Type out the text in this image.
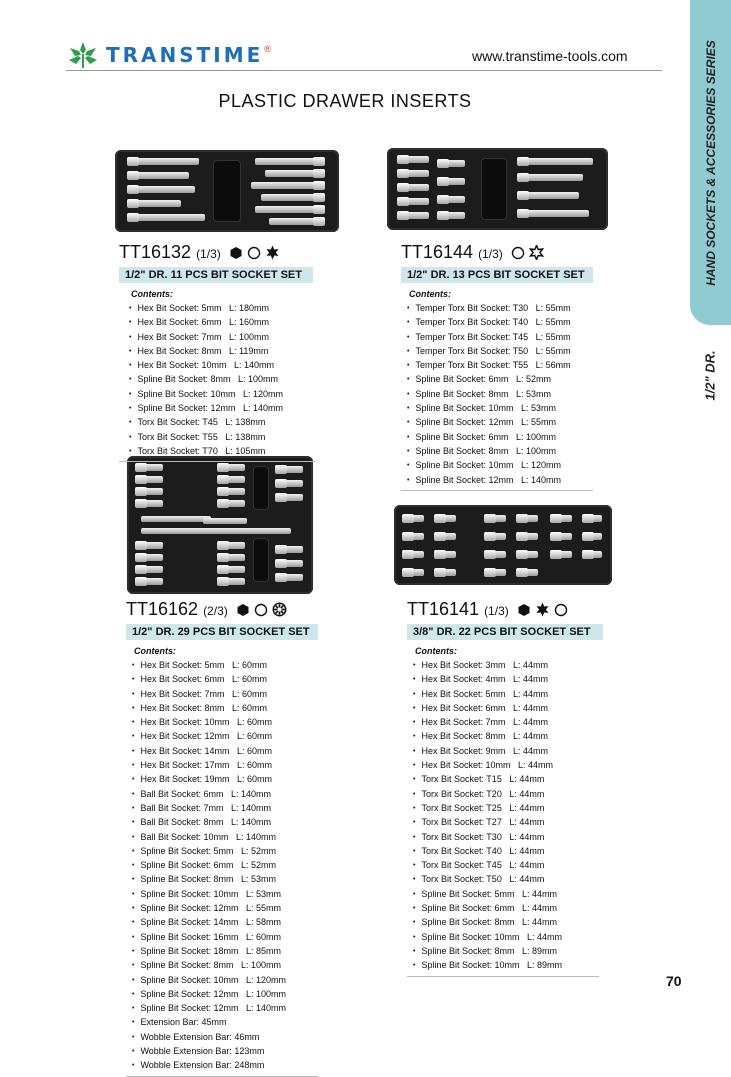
TRANSTIME ®	www.transtime-tools.com
PLASTIC DRAWER INSERTS	HAND SOCKETS & ACCESSORIES SERIES
1/2" DR.
70
TT16132 (1/3)
1/2" DR. 11 PCS BIT SOCKET SET
Contents:
• Hex Bit Socket: 5mm   L: 180mm
• Hex Bit Socket: 6mm   L: 160mm
• Hex Bit Socket: 7mm   L: 100mm
• Hex Bit Socket: 8mm   L: 119mm
• Hex Bit Socket: 10mm   L: 140mm
• Spline Bit Socket: 8mm   L: 100mm
• Spline Bit Socket: 10mm   L: 120mm
• Spline Bit Socket: 12mm   L: 140mm
• Torx Bit Socket: T45   L: 138mm
• Torx Bit Socket: T55   L: 138mm
• Torx Bit Socket: T70   L: 105mm
TT16144 (1/3)
1/2" DR. 13 PCS BIT SOCKET SET
Contents:
• Temper Torx Bit Socket: T30   L: 55mm
• Temper Torx Bit Socket: T40   L: 55mm
• Temper Torx Bit Socket: T45   L: 55mm
• Temper Torx Bit Socket: T50   L: 55mm
• Temper Torx Bit Socket: T55   L: 56mm
• Spline Bit Socket: 6mm   L: 52mm
• Spline Bit Socket: 8mm   L: 53mm
• Spline Bit Socket: 10mm   L: 53mm
• Spline Bit Socket: 12mm   L: 55mm
• Spline Bit Socket: 6mm   L: 100mm
• Spline Bit Socket: 8mm   L: 100mm
• Spline Bit Socket: 10mm   L: 120mm
• Spline Bit Socket: 12mm   L: 140mm
TT16162 (2/3)
1/2" DR. 29 PCS BIT SOCKET SET
Contents:
• Hex Bit Socket: 5mm   L: 60mm
• Hex Bit Socket: 6mm   L: 60mm
• Hex Bit Socket: 7mm   L: 60mm
• Hex Bit Socket: 8mm   L: 60mm
• Hex Bit Socket: 10mm   L: 60mm
• Hex Bit Socket: 12mm   L: 60mm
• Hex Bit Socket: 14mm   L: 60mm
• Hex Bit Socket: 17mm   L: 60mm
• Hex Bit Socket: 19mm   L: 60mm
• Ball Bit Socket: 6mm   L: 140mm
• Ball Bit Socket: 7mm   L: 140mm
• Ball Bit Socket: 8mm   L: 140mm
• Ball Bit Socket: 10mm   L: 140mm
• Spline Bit Socket: 5mm   L: 52mm
• Spline Bit Socket: 6mm   L: 52mm
• Spline Bit Socket: 8mm   L: 53mm
• Spline Bit Socket: 10mm   L: 53mm
• Spline Bit Socket: 12mm   L: 55mm
• Spline Bit Socket: 14mm   L: 58mm
• Spline Bit Socket: 16mm   L: 60mm
• Spline Bit Socket: 18mm   L: 85mm
• Spline Bit Socket: 8mm   L: 100mm
• Spline Bit Socket: 10mm   L: 120mm
• Spline Bit Socket: 12mm   L: 100mm
• Spline Bit Socket: 12mm   L: 140mm
• Extension Bar: 45mm
• Wobble Extension Bar: 46mm
• Wobble Extension Bar: 123mm
• Wobble Extension Bar: 248mm
TT16141 (1/3)
3/8" DR. 22 PCS BIT SOCKET SET
Contents:
• Hex Bit Socket: 3mm   L: 44mm
• Hex Bit Socket: 4mm   L: 44mm
• Hex Bit Socket: 5mm   L: 44mm
• Hex Bit Socket: 6mm   L: 44mm
• Hex Bit Socket: 7mm   L: 44mm
• Hex Bit Socket: 8mm   L: 44mm
• Hex Bit Socket: 9mm   L: 44mm
• Hex Bit Socket: 10mm   L: 44mm
• Torx Bit Socket: T15   L: 44mm
• Torx Bit Socket: T20   L: 44mm
• Torx Bit Socket: T25   L: 44mm
• Torx Bit Socket: T27   L: 44mm
• Torx Bit Socket: T30   L: 44mm
• Torx Bit Socket: T40   L: 44mm
• Torx Bit Socket: T45   L: 44mm
• Torx Bit Socket: T50   L: 44mm
• Spline Bit Socket: 5mm   L: 44mm
• Spline Bit Socket: 6mm   L: 44mm
• Spline Bit Socket: 8mm   L: 44mm
• Spline Bit Socket: 10mm   L: 44mm
• Spline Bit Socket: 8mm   L: 89mm
• Spline Bit Socket: 10mm   L: 89mm
